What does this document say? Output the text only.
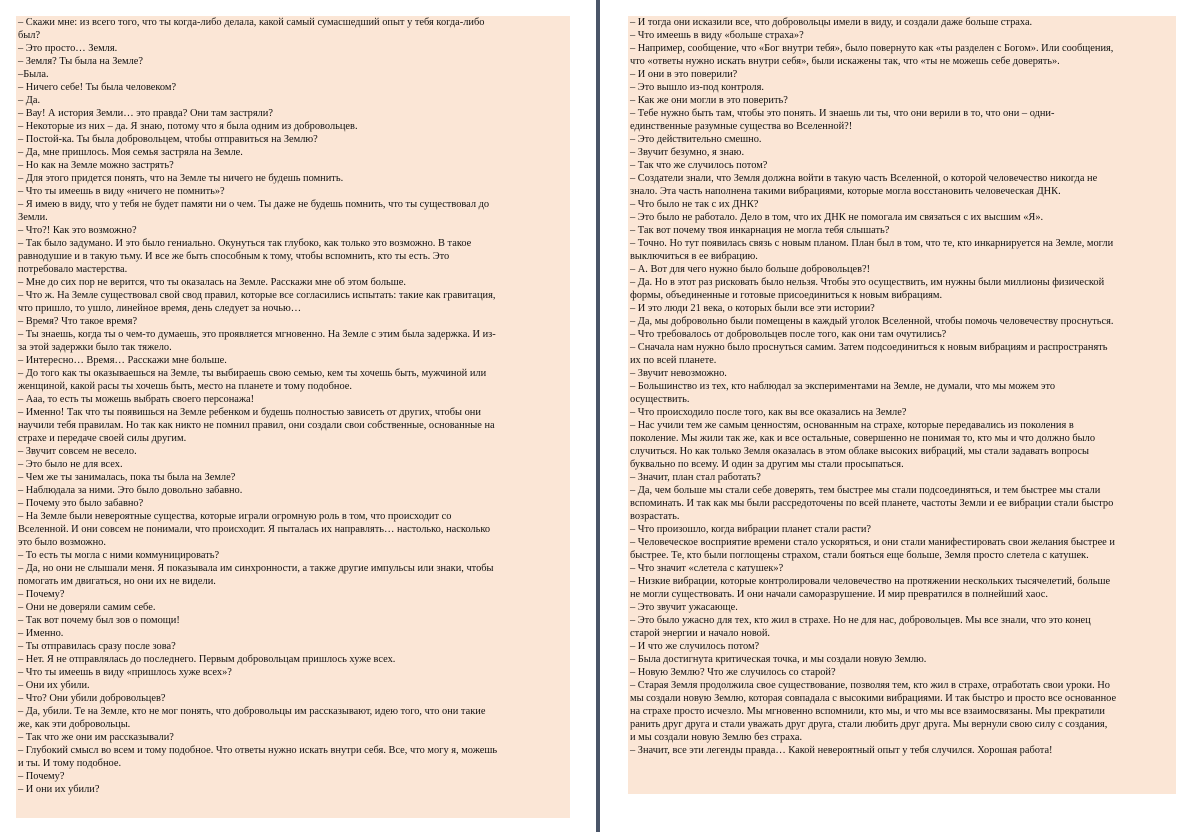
– Скажи мне: из всего того, что ты когда-либо делала, какой самый сумасшедший опыт у тебя когда-либо
был?
– Это просто… Земля.
– Земля? Ты была на Земле?
–Была.
– Ничего себе! Ты была человеком?
– Да.
– Вау! А история Земли… это правда? Они там застряли?
– Некоторые из них – да. Я знаю, потому что я была одним из добровольцев.
– Постой-ка. Ты была добровольцем, чтобы отправиться на Землю?
– Да, мне пришлось. Моя семья застряла на Земле.
– Но как на Земле можно застрять?
– Для этого придется понять, что на Земле ты ничего не будешь помнить.
– Что ты имеешь в виду «ничего не помнить»?
– Я имею в виду, что у тебя не будет памяти ни о чем. Ты даже не будешь помнить, что ты существовал до
Земли.
– Что?! Как это возможно?
– Так было задумано. И это было гениально. Окунуться так глубоко, как только это возможно. В такое
равнодушие и в такую тьму. И все же быть способным к тому, чтобы вспомнить, кто ты есть. Это
потребовало мастерства.
– Мне до сих пор не верится, что ты оказалась на Земле. Расскажи мне об этом больше.
– Что ж. На Земле существовал свой свод правил, которые все согласились испытать: такие как гравитация,
что пришло, то ушло, линейное время, день следует за ночью…
– Время? Что такое время?
– Ты знаешь, когда ты о чем-то думаешь, это проявляется мгновенно. На Земле с этим была задержка. И из-
за этой задержки было так тяжело.
– Интересно… Время… Расскажи мне больше.
– До того как ты оказываешься на Земле, ты выбираешь свою семью, кем ты хочешь быть, мужчиной или
женщиной, какой расы ты хочешь быть, место на планете и тому подобное.
– Ааа, то есть ты можешь выбрать своего персонажа!
– Именно! Так что ты появишься на Земле ребенком и будешь полностью зависеть от других, чтобы они
научили тебя правилам. Но так как никто не помнил правил, они создали свои собственные, основанные на
страхе и передаче своей силы другим.
– Звучит совсем не весело.
– Это было не для всех.
– Чем же ты занималась, пока ты была на Земле?
– Наблюдала за ними. Это было довольно забавно.
– Почему это было забавно?
– На Земле были невероятные существа, которые играли огромную роль в том, что происходит со
Вселенной. И они совсем не понимали, что происходит. Я пыталась их направлять… настолько, насколько
это было возможно.
– То есть ты могла с ними коммуницировать?
– Да, но они не слышали меня. Я показывала им синхронности, а также другие импульсы или знаки, чтобы
помогать им двигаться, но они их не видели.
– Почему?
– Они не доверяли самим себе.
– Так вот почему был зов о помощи!
– Именно.
– Ты отправилась сразу после зова?
– Нет. Я не отправлялась до последнего. Первым добровольцам пришлось хуже всех.
– Что ты имеешь в виду «пришлось хуже всех»?
– Они их убили.
– Что? Они убили добровольцев?
– Да, убили. Те на Земле, кто не мог понять, что добровольцы им рассказывают, идею того, что они такие
же, как эти добровольцы.
– Так что же они им рассказывали?
– Глубокий смысл во всем и тому подобное. Что ответы нужно искать внутри себя. Все, что могу я, можешь
и ты. И тому подобное.
– Почему?
– И они их убили?
– И тогда они исказили все, что добровольцы имели в виду, и создали даже больше страха.
– Что имеешь в виду «больше страха»?
– Например, сообщение, что «Бог внутри тебя», было повернуто как «ты разделен с Богом». Или сообщения,
что «ответы нужно искать внутри себя», были искажены так, что «ты не можешь себе доверять».
– И они в это поверили?
– Это вышло из-под контроля.
– Как же они могли в это поверить?
– Тебе нужно быть там, чтобы это понять. И знаешь ли ты, что они верили в то, что они – одни-
единственные разумные существа во Вселенной?!
– Это действительно смешно.
– Звучит безумно, я знаю.
– Так что же случилось потом?
– Создатели знали, что Земля должна войти в такую часть Вселенной, о которой человечество никогда не
знало. Эта часть наполнена такими вибрациями, которые могла восстановить человеческая ДНК.
– Что было не так с их ДНК?
– Это было не работало. Дело в том, что их ДНК не помогала им связаться с их высшим «Я».
– Так вот почему твоя инкарнация не могла тебя слышать?
– Точно. Но тут появилась связь с новым планом. План был в том, что те, кто инкарнируется на Земле, могли
выключиться в ее вибрацию.
– А. Вот для чего нужно было больше добровольцев?!
– Да. Но в этот раз рисковать было нельзя. Чтобы это осуществить, им нужны были миллионы физической
формы, объединенные и готовые присоединиться к новым вибрациям.
– И это люди 21 века, о которых были все эти истории?
– Да, мы добровольно были помещены в каждый уголок Вселенной, чтобы помочь человечеству проснуться.
– Что требовалось от добровольцев после того, как они там очутились?
– Сначала нам нужно было проснуться самим. Затем подсоединиться к новым вибрациям и распространять
их по всей планете.
– Звучит невозможно.
– Большинство из тех, кто наблюдал за экспериментами на Земле, не думали, что мы можем это
осуществить.
– Что происходило после того, как вы все оказались на Земле?
– Нас учили тем же самым ценностям, основанным на страхе, которые передавались из поколения в
поколение. Мы жили так же, как и все остальные, совершенно не понимая то, кто мы и что должно было
случиться. Но как только Земля оказалась в этом облаке высоких вибраций, мы стали задавать вопросы
буквально по всему. И один за другим мы стали просыпаться.
– Значит, план стал работать?
– Да, чем больше мы стали себе доверять, тем быстрее мы стали подсоединяться, и тем быстрее мы стали
вспоминать. И так как мы были рассредоточены по всей планете, частоты Земли и ее вибрации стали быстро
возрастать.
– Что произошло, когда вибрации планет стали расти?
– Человеческое восприятие времени стало ускоряться, и они стали манифестировать свои желания быстрее и
быстрее. Те, кто были поглощены страхом, стали бояться еще больше, Земля просто слетела с катушек.
– Что значит «слетела с катушек»?
– Низкие вибрации, которые контролировали человечество на протяжении нескольких тысячелетий, больше
не могли существовать. И они начали саморазрушение. И мир превратился в полнейший хаос.
– Это звучит ужасающе.
– Это было ужасно для тех, кто жил в страхе. Но не для нас, добровольцев. Мы все знали, что это конец
старой энергии и начало новой.
– И что же случилось потом?
– Была достигнута критическая точка, и мы создали новую Землю.
– Новую Землю? Что же случилось со старой?
– Старая Земля продолжила свое существование, позволяя тем, кто жил в страхе, отработать свои уроки. Но
мы создали новую Землю, которая совпадала с высокими вибрациями. И так быстро и просто все основанное
на страхе просто исчезло. Мы мгновенно вспомнили, кто мы, и что мы все взаимосвязаны. Мы прекратили
ранить друг друга и стали уважать друг друга, стали любить друг друга. Мы вернули свою силу с создания,
и мы создали новую Землю без страха.
– Значит, все эти легенды правда… Какой невероятный опыт у тебя случился. Хорошая работа!
